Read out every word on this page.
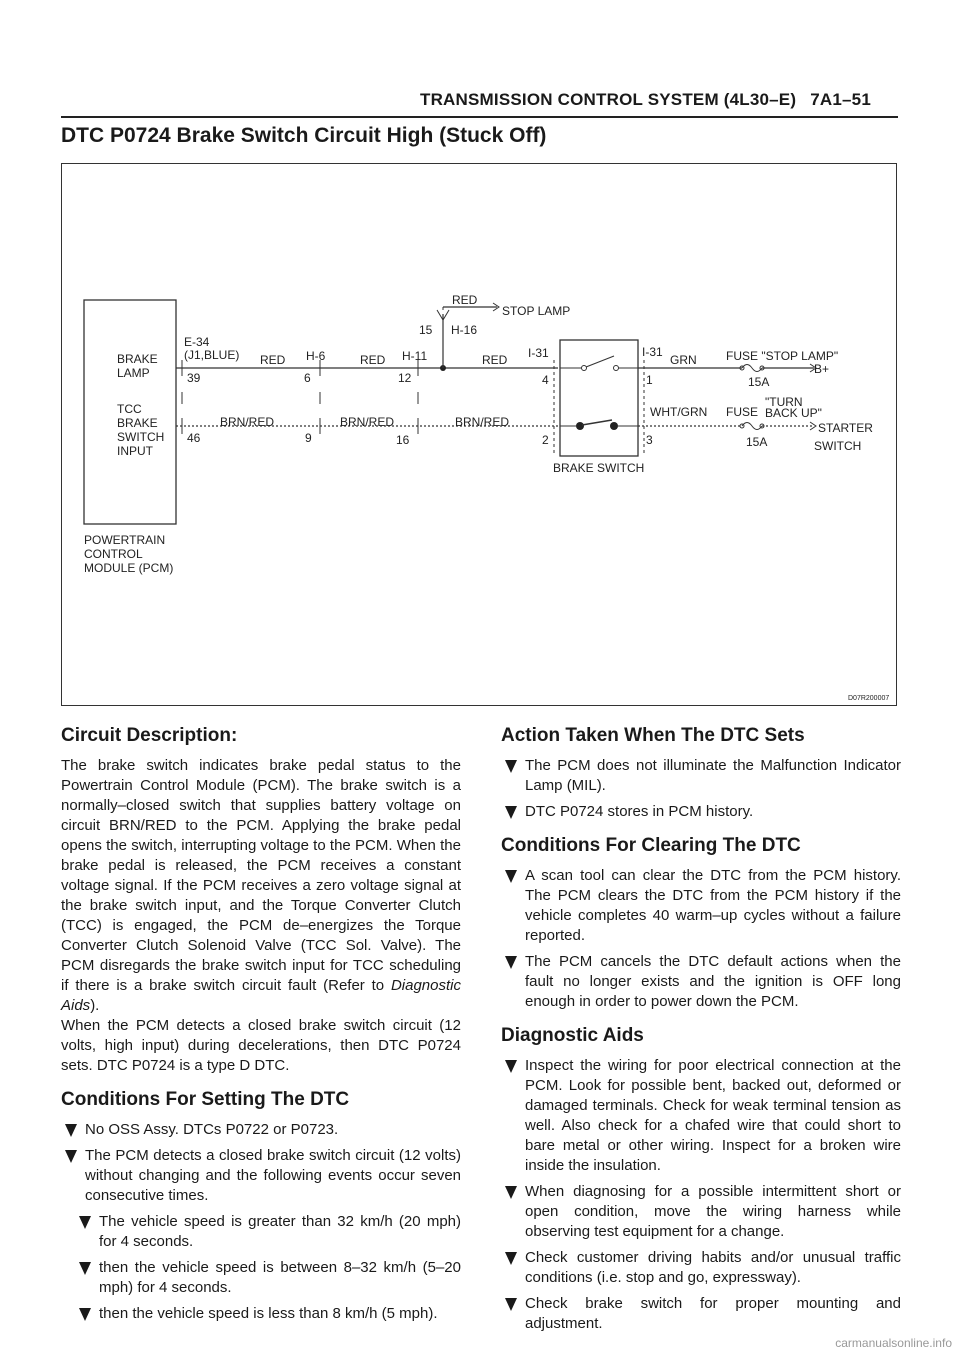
TRANSMISSION CONTROL SYSTEM (4L30–E) 7A1–51
DTC P0724 Brake Switch Circuit High (Stuck Off)
RED
STOP LAMP
15 H-16
E-34
(J1,BLUE)
BRAKE
LAMP
TCC
BRAKE
SWITCH
INPUT
39
46
RED H-6
6
RED H-11
12
RED I-31
4
BRN/RED
9
BRN/RED
16
BRN/RED
2
I-31
1
GRN FUSE "STOP LAMP"
15A
B+
WHT/GRN
3
FUSE
"TURN
BACK UP"
15A
STARTER
SWITCH
BRAKE SWITCH
POWERTRAIN
CONTROL
MODULE (PCM)
D07R200007
Circuit Description:

The brake switch indicates brake pedal status to the Powertrain Control Module (PCM). The brake switch is a normally–closed switch that supplies battery voltage on circuit BRN/RED to the PCM. Applying the brake pedal opens the switch, interrupting voltage to the PCM. When the brake pedal is released, the PCM receives a constant voltage signal. If the PCM receives a zero voltage signal at the brake switch input, and the Torque Converter Clutch (TCC) is engaged, the PCM de–energizes the Torque Converter Clutch Solenoid Valve (TCC Sol. Valve). The PCM disregards the brake switch input for TCC scheduling if there is a brake switch circuit fault (Refer to Diagnostic Aids).

When the PCM detects a closed brake switch circuit (12 volts, high input) during decelerations, then DTC P0724 sets. DTC P0724 is a type D DTC.

Conditions For Setting The DTC
No OSS Assy. DTCs P0722 or P0723.
The PCM detects a closed brake switch circuit (12 volts) without changing and the following events occur seven consecutive times.
The vehicle speed is greater than 32 km/h (20 mph) for 4 seconds.
then the vehicle speed is between 8–32 km/h (5–20 mph) for 4 seconds.
then the vehicle speed is less than 8 km/h (5 mph).
Action Taken When The DTC Sets
The PCM does not illuminate the Malfunction Indicator Lamp (MIL).
DTC P0724 stores in PCM history.
Conditions For Clearing The DTC
A scan tool can clear the DTC from the PCM history. The PCM clears the DTC from the PCM history if the vehicle completes 40 warm–up cycles without a failure reported.
The PCM cancels the DTC default actions when the fault no longer exists and the ignition is OFF long enough in order to power down the PCM.
Diagnostic Aids
Inspect the wiring for poor electrical connection at the PCM. Look for possible bent, backed out, deformed or damaged terminals. Check for weak terminal tension as well. Also check for a chafed wire that could short to bare metal or other wiring. Inspect for a broken wire inside the insulation.
When diagnosing for a possible intermittent short or open condition, move the wiring harness while observing test equipment for a change.
Check customer driving habits and/or unusual traffic conditions (i.e. stop and go, expressway).
Check brake switch for proper mounting and adjustment.
carmanualsonline.info
